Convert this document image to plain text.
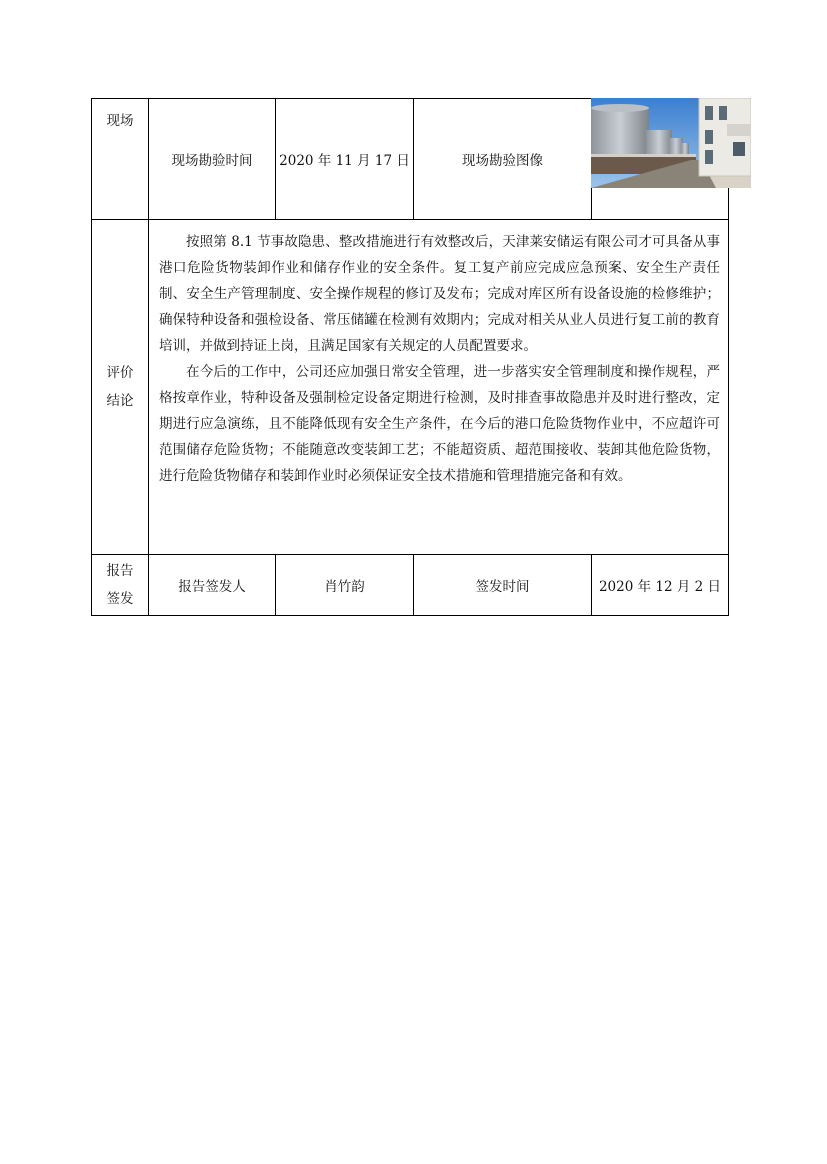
现场
现场勘验时间 2020 年 11 月 17 日	现场勘验图像
评价
结论

按照第 8.1 节事故隐患、整改措施进行有效整改后，天津莱安储运有限公司才可具备从事港口危险货物装卸作业和储存作业的安全条件。复工复产前应完成应急预案、安全生产责任制、安全生产管理制度、安全操作规程的修订及发布；完成对库区所有设备设施的检修维护；确保特种设备和强检设备、常压储罐在检测有效期内；完成对相关从业人员进行复工前的教育培训，并做到持证上岗，且满足国家有关规定的人员配置要求。

在今后的工作中，公司还应加强日常安全管理，进一步落实安全管理制度和操作规程，严格按章作业，特种设备及强制检定设备定期进行检测，及时排查事故隐患并及时进行整改，定期进行应急演练，且不能降低现有安全生产条件，在今后的港口危险货物作业中，不应超许可范围储存危险货物；不能随意改变装卸工艺；不能超资质、超范围接收、装卸其他危险货物，进行危险货物储存和装卸作业时必须保证安全技术措施和管理措施完备和有效。

报告
签发
报告签发人	肖竹韵	签发时间	2020 年 12 月 2 日
